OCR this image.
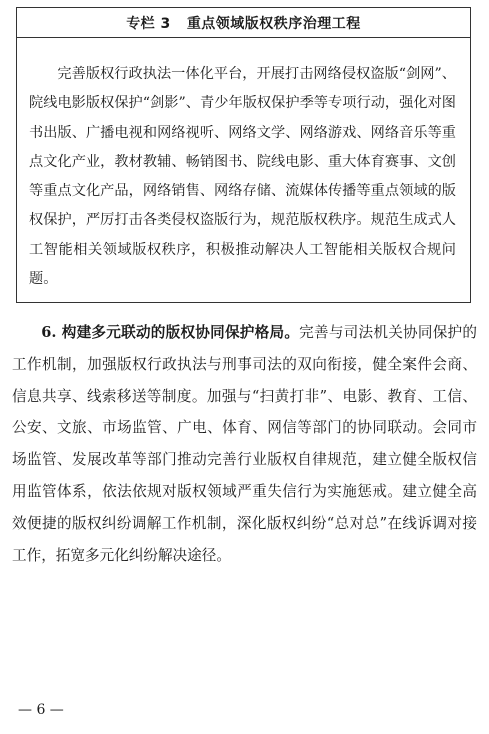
专栏 3 重点领域版权秩序治理工程
完善版权行政执法一体化平台，开展打击网络侵权盗版“剑网”、院线电影版权保护“剑影”、青少年版权保护季等专项行动，强化对图书出版、广播电视和网络视听、网络文学、网络游戏、网络音乐等重点文化产业，教材教辅、畅销图书、院线电影、重大体育赛事、文创等重点文化产品，网络销售、网络存储、流媒体传播等重点领域的版权保护，严厉打击各类侵权盗版行为，规范版权秩序。规范生成式人工智能相关领域版权秩序，积极推动解决人工智能相关版权合规问题。
6. 构建多元联动的版权协同保护格局。完善与司法机关协同保护的工作机制，加强版权行政执法与刑事司法的双向衔接，健全案件会商、信息共享、线索移送等制度。加强与“扫黄打非”、电影、教育、工信、公安、文旅、市场监管、广电、体育、网信等部门的协同联动。会同市场监管、发展改革等部门推动完善行业版权自律规范，建立健全版权信用监管体系，依法依规对版权领域严重失信行为实施惩戒。建立健全高效便捷的版权纠纷调解工作机制，深化版权纠纷“总对总”在线诉调对接工作，拓宽多元化纠纷解决途径。
— 6 —
